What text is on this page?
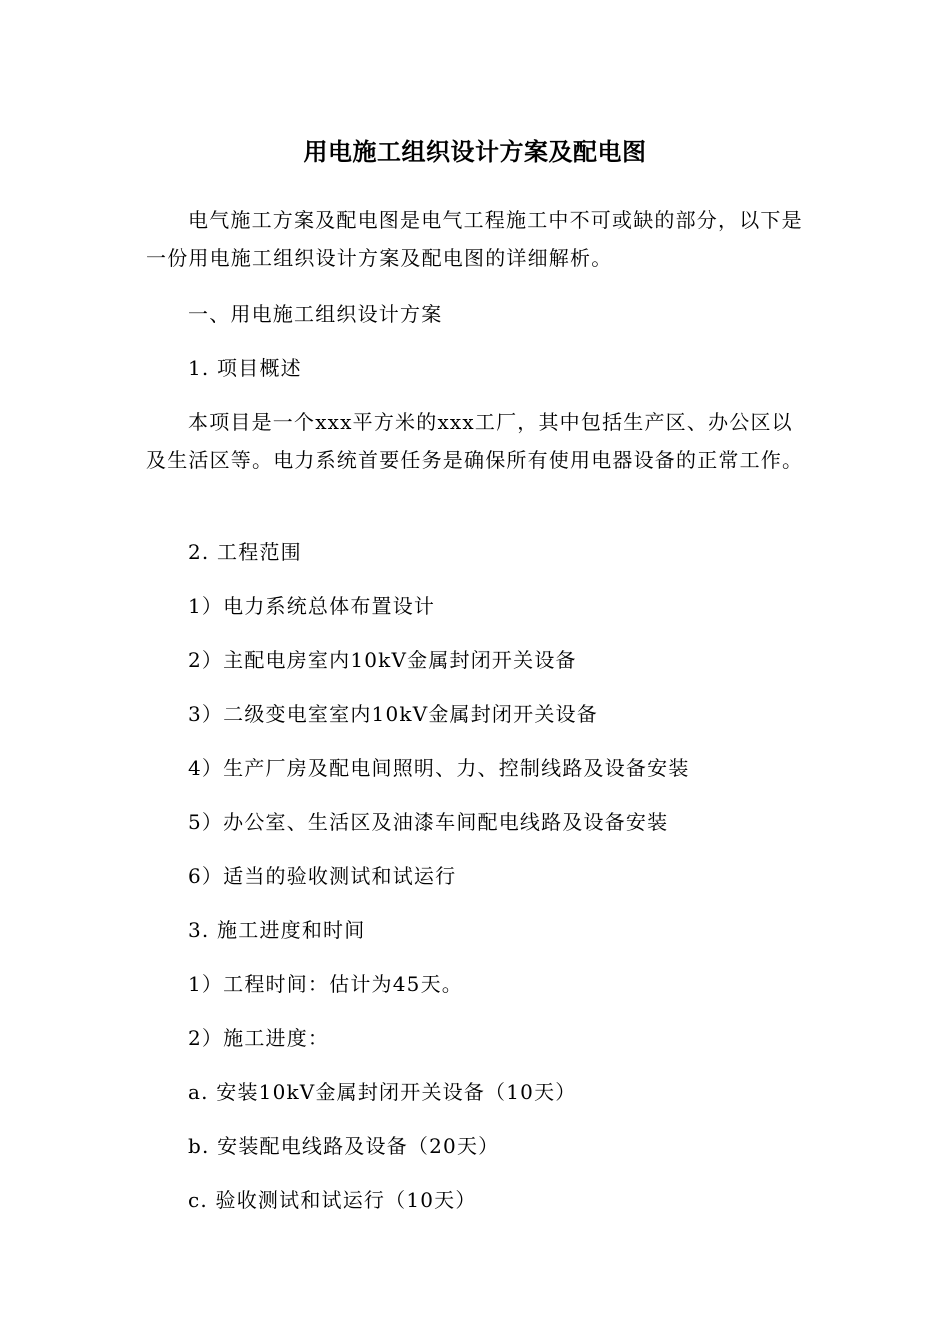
用电施工组织设计方案及配电图

电气施工方案及配电图是电气工程施工中不可或缺的部分，以下是一份用电施工组织设计方案及配电图的详细解析。

一、用电施工组织设计方案
1. 项目概述

本项目是一个xxx平方米的xxx工厂，其中包括生产区、办公区以及生活区等。电力系统首要任务是确保所有使用电器设备的正常工作。

2. 工程范围
1）电力系统总体布置设计
2）主配电房室内10kV金属封闭开关设备
3）二级变电室室内10kV金属封闭开关设备
4）生产厂房及配电间照明、力、控制线路及设备安装
5）办公室、生活区及油漆车间配电线路及设备安装
6）适当的验收测试和试运行
3. 施工进度和时间
1）工程时间：估计为45天。
2）施工进度：
a. 安装10kV金属封闭开关设备（10天）
b. 安装配电线路及设备（20天）
c. 验收测试和试运行（10天）
